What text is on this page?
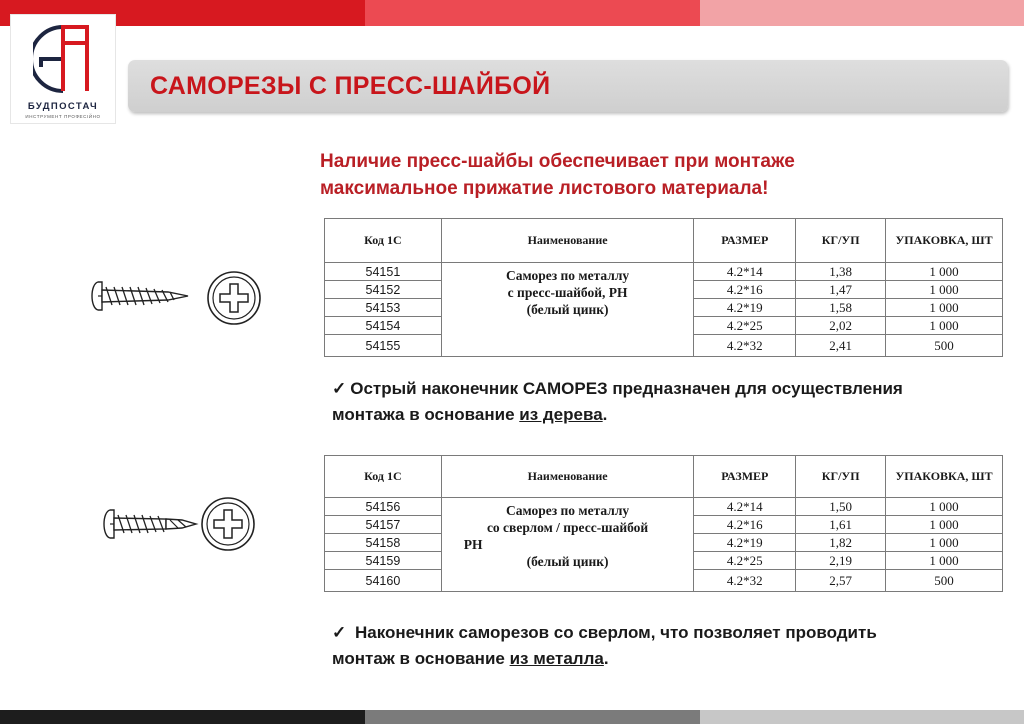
БУДПОСТАЧ
ИНСТРУМЕНТ ПРОФЕСІЙНО
САМОРЕЗЫ С ПРЕСС-ШАЙБОЙ
Наличие пресс-шайбы обеспечивает при монтаже
максимальное прижатие листового материала!
Код 1С	Наименование	РАЗМЕР	КГ/УП	УПАКОВКА, ШТ
54151	Саморез по металлу
с пресс-шайбой, PH
(белый цинк)	4.2*14	1,38	1 000
54152		4.2*16	1,47	1 000
54153		4.2*19	1,58	1 000
54154		4.2*25	2,02	1 000
54155		4.2*32	2,41	500
✓ Острый наконечник САМОРЕЗ предназначен для осуществления
монтажа в основание из дерева.
Код 1С	Наименование	РАЗМЕР	КГ/УП	УПАКОВКА, ШТ
54156	Саморез по металлу
со сверлом / пресс-шайбой
PH
(белый цинк)	4.2*14	1,50	1 000
54157		4.2*16	1,61	1 000
54158		4.2*19	1,82	1 000
54159		4.2*25	2,19	1 000
54160		4.2*32	2,57	500
✓ Наконечник саморезов со сверлом, что позволяет проводить
монтаж в основание из металла.
